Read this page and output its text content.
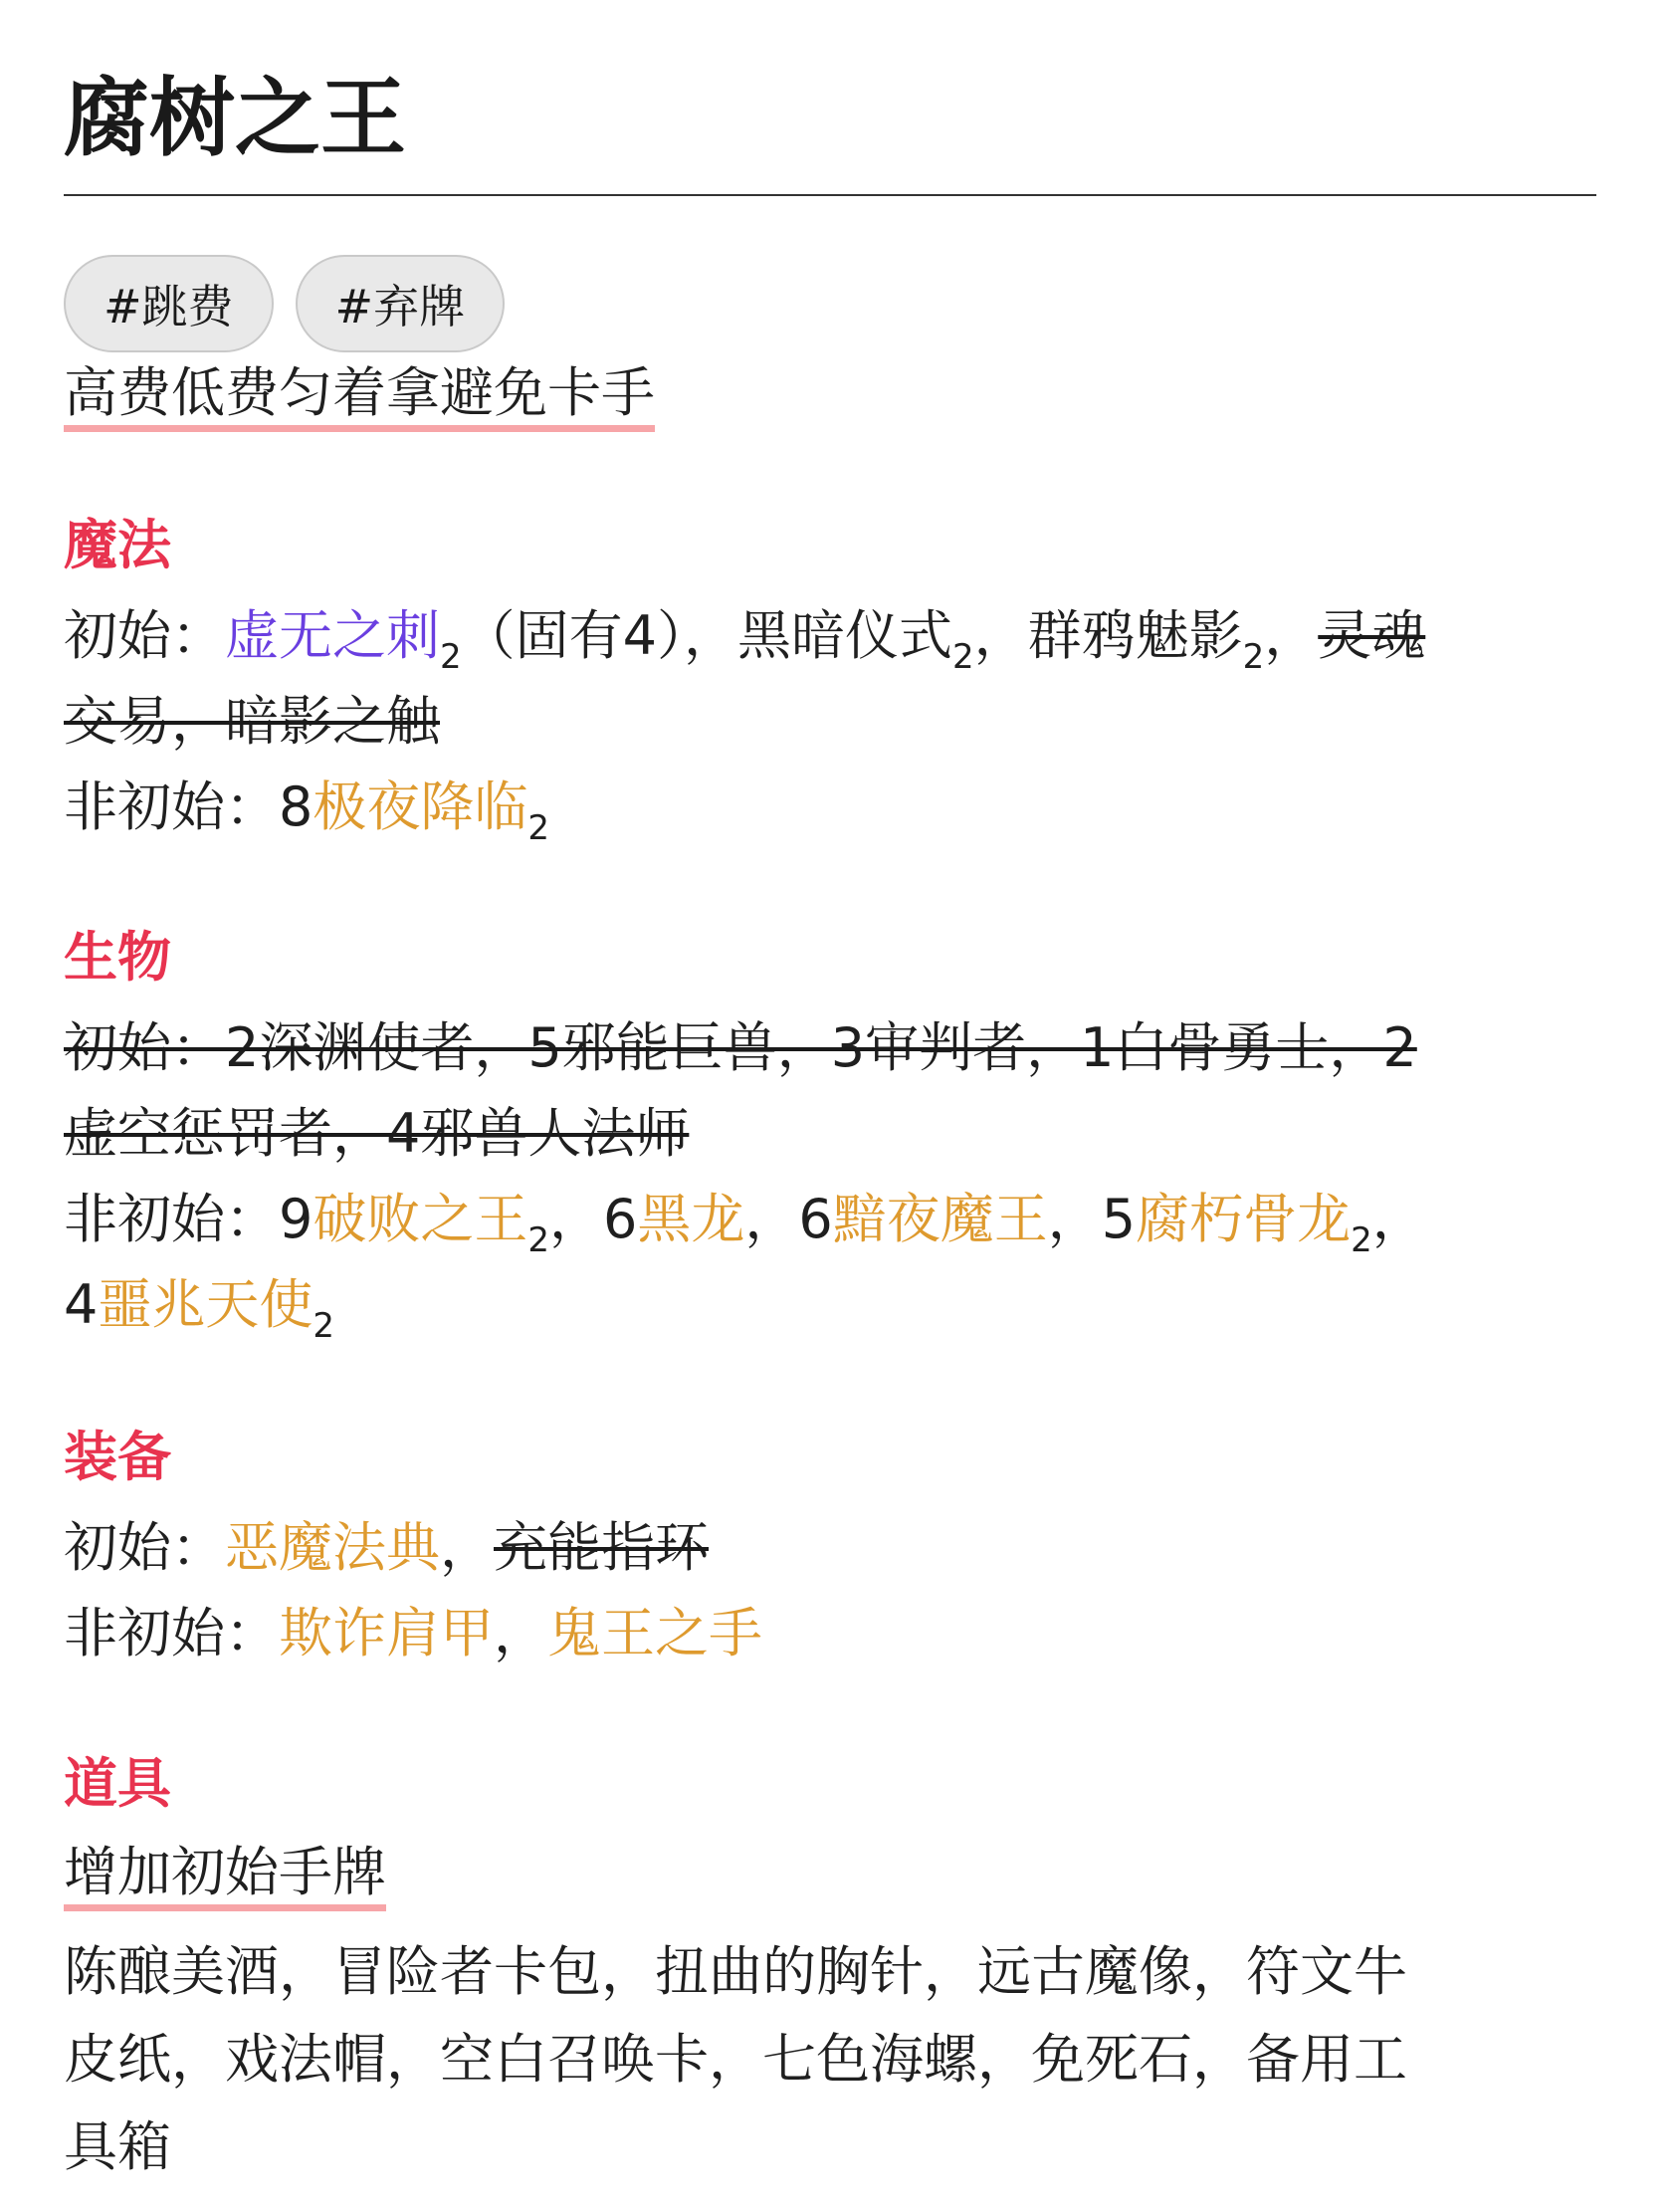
腐树之王
#跳费	#弃牌
高费低费匀着拿避免卡手
魔法
初始：虚无之刺$_2$（固有4），黑暗仪式$_2$，群鸦魅影$_2$，灵魂
交易，暗影之触
非初始：8极夜降临$_2$
生物
初始：2深渊使者，5邪能巨兽，3审判者，1白骨勇士，2
虚空惩罚者，4邪兽人法师
非初始：9破败之王$_2$，6黑龙，6黯夜魔王，5腐朽骨龙$_2$，
4噩兆天使$_2$
装备
初始：恶魔法典，充能指环
非初始：欺诈肩甲，鬼王之手
道具
增加初始手牌
陈酿美酒，冒险者卡包，扭曲的胸针，远古魔像，符文牛
皮纸，戏法帽，空白召唤卡，七色海螺，免死石，备用工
具箱
